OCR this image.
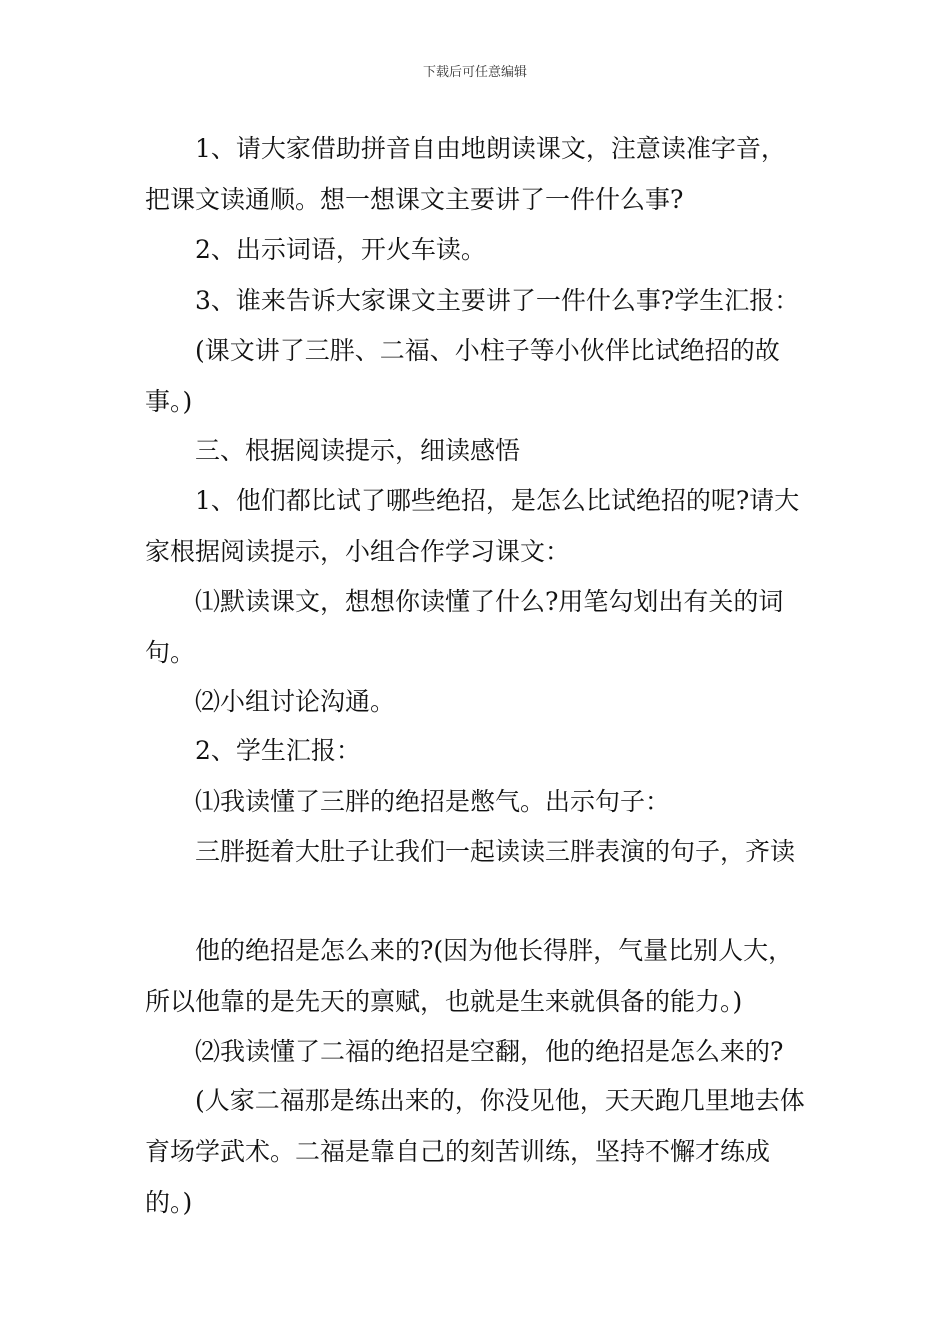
下载后可任意编辑

1、请大家借助拼音自由地朗读课文，注意读准字音，把课文读通顺。想一想课文主要讲了一件什么事?

2、出示词语，开火车读。

3、谁来告诉大家课文主要讲了一件什么事?学生汇报：

(课文讲了三胖、二福、小柱子等小伙伴比试绝招的故事。)

三、根据阅读提示，细读感悟

1、他们都比试了哪些绝招，是怎么比试绝招的呢?请大家根据阅读提示，小组合作学习课文：

⑴默读课文，想想你读懂了什么?用笔勾划出有关的词句。

⑵小组讨论沟通。

2、学生汇报：

⑴我读懂了三胖的绝招是憋气。出示句子：

三胖挺着大肚子让我们一起读读三胖表演的句子，齐读

他的绝招是怎么来的?(因为他长得胖，气量比别人大，所以他靠的是先天的禀赋，也就是生来就俱备的能力。)

⑵我读懂了二福的绝招是空翻，他的绝招是怎么来的?

(人家二福那是练出来的，你没见他，天天跑几里地去体育场学武术。二福是靠自己的刻苦训练，坚持不懈才练成的。)
